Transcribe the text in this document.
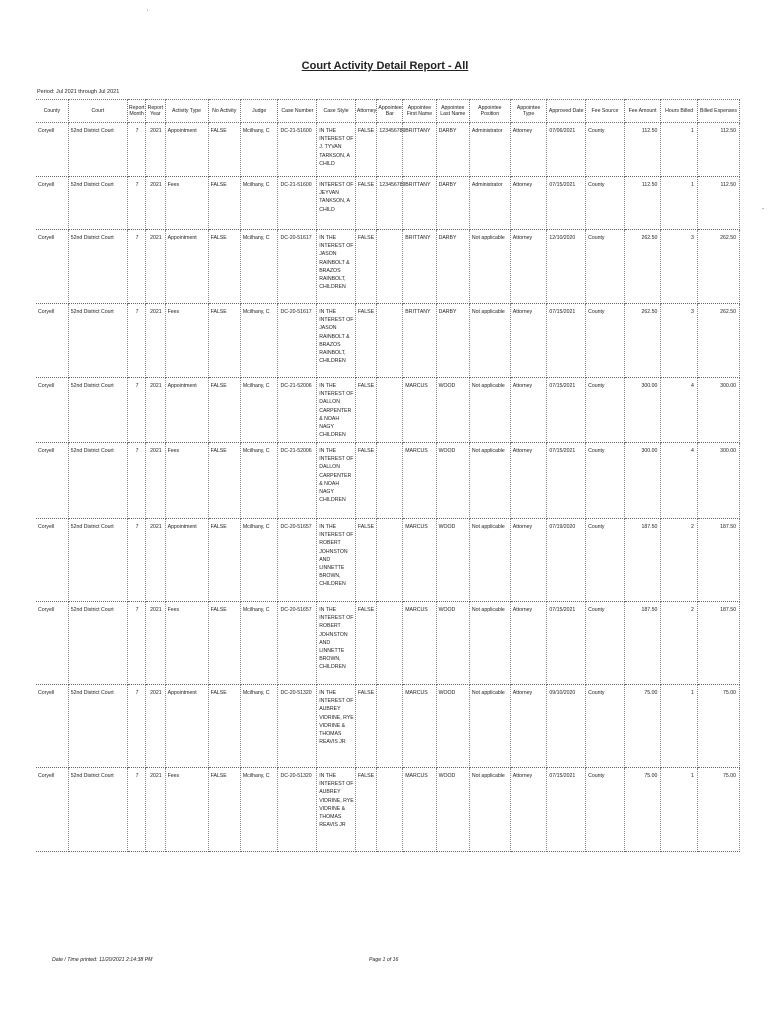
Court Activity Detail Report - All
Period: Jul 2021 through Jul 2021
County	Court	Report Month	Report Year	Activity Type	No Activity	Judge	Case Number	Case Style	Attorney	Appointee Bar	Appointee First Name	Appointee Last Name	Appointee Position	Appointee Type	Approved Date	Fee Source	Fee Amount	Hours Billed	Billed Expenses
Coryell	52nd District Court	7	2021	Appointment	FALSE	Mcilhany, C	DC-21-51600	IN THE INTEREST OF J. TYVAN TARKSON, A CHILD	FALSE	123456789	BRITTANY	DARBY	Administrator	Attorney	07/06/2021	County	112.50	1	112.50
Coryell	52nd District Court	7	2021	Fees	FALSE	Mcilhany, C	DC-21-51600	INTEREST OF JEYVAN TANKSON, A CHILD	FALSE	123456789	BRITTANY	DARBY	Administrator	Attorney	07/15/2021	County	112.50	1	112.50
Coryell	52nd District Court	7	2021	Appointment	FALSE	Mcilhany, C	DC-20-51617	IN THE INTEREST OF JASON RAINBOLT & BRAZOS RAINBOLT, CHILDREN	FALSE		BRITTANY	DARBY	Not applicable	Attorney	12/10/2020	County	262.50	3	262.50
Coryell	52nd District Court	7	2021	Fees	FALSE	Mcilhany, C	DC-20-51617	IN THE INTEREST OF JASON RAINBOLT & BRAZOS RAINBOLT, CHILDREN	FALSE		BRITTANY	DARBY	Not applicable	Attorney	07/15/2021	County	262.50	3	262.50
Coryell	52nd District Court	7	2021	Appointment	FALSE	Mcilhany, C	DC-21-52006	IN THE INTEREST OF DALLON CARPENTER & NOAH NAGY CHILDREN	FALSE		MARCUS	WOOD	Not applicable	Attorney	07/15/2021	County	300.00	4	300.00
Coryell	52nd District Court	7	2021	Fees	FALSE	Mcilhany, C	DC-21-52006	IN THE INTEREST OF DALLON CARPENTER & NOAH NAGY CHILDREN	FALSE		MARCUS	WOOD	Not applicable	Attorney	07/15/2021	County	300.00	4	300.00
Coryell	52nd District Court	7	2021	Appointment	FALSE	Mcilhany, C	DC-20-51657	IN THE INTEREST OF ROBERT JOHNSTON AND LINNETTE BROWN, CHILDREN	FALSE		MARCUS	WOOD	Not applicable	Attorney	07/19/2020	County	187.50	2	187.50
Coryell	52nd District Court	7	2021	Fees	FALSE	Mcilhany, C	DC-20-51657	IN THE INTEREST OF ROBERT JOHNSTON AND LINNETTE BROWN, CHILDREN	FALSE		MARCUS	WOOD	Not applicable	Attorney	07/15/2021	County	187.50	2	187.50
Coryell	52nd District Court	7	2021	Appointment	FALSE	Mcilhany, C	DC-20-51320	IN THE INTEREST OF AUBREY VIDRINE, RYE VIDRINE & THOMAS REAVIS JR	FALSE		MARCUS	WOOD	Not applicable	Attorney	09/10/2020	County	75.00	1	75.00
Coryell	52nd District Court	7	2021	Fees	FALSE	Mcilhany, C	DC-20-51320	IN THE INTEREST OF AUBREY VIDRINE, RYE VIDRINE & THOMAS REAVIS JR	FALSE		MARCUS	WOOD	Not applicable	Attorney	07/15/2021	County	75.00	1	75.00
Date / Time printed: 11/20/2021 2:14:38 PM	Page 1 of 16
'
-
